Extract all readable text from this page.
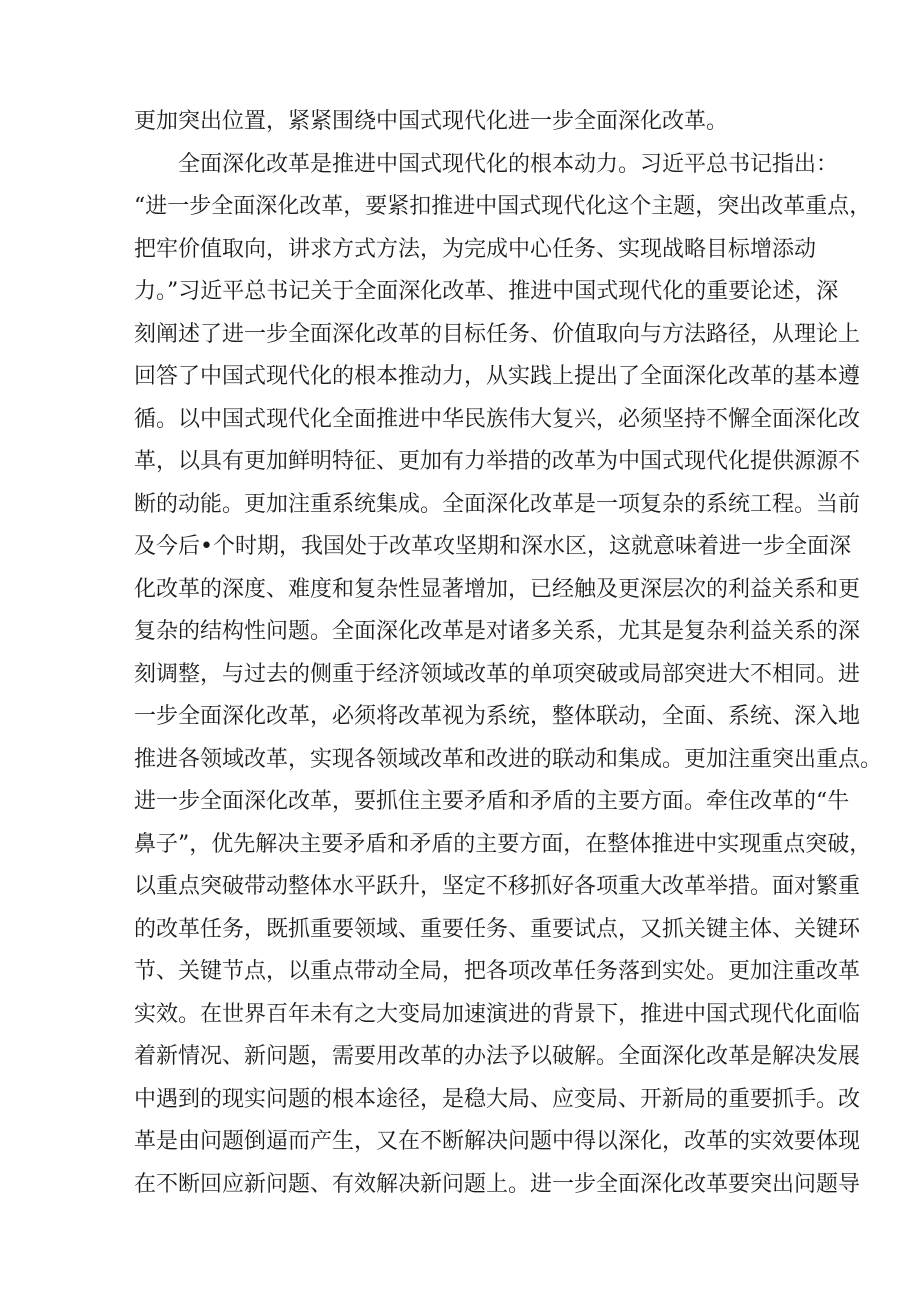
更加突出位置，紧紧围绕中国式现代化进一步全面深化改革。
全面深化改革是推进中国式现代化的根本动力。习近平总书记指出：
“进一步全面深化改革，要紧扣推进中国式现代化这个主题，突出改革重点，
把牢价值取向，讲求方式方法，为完成中心任务、实现战略目标增添动
力。”习近平总书记关于全面深化改革、推进中国式现代化的重要论述，深
刻阐述了进一步全面深化改革的目标任务、价值取向与方法路径，从理论上
回答了中国式现代化的根本推动力，从实践上提出了全面深化改革的基本遵
循。以中国式现代化全面推进中华民族伟大复兴，必须坚持不懈全面深化改
革，以具有更加鲜明特征、更加有力举措的改革为中国式现代化提供源源不
断的动能。更加注重系统集成。全面深化改革是一项复杂的系统工程。当前
及今后•个时期，我国处于改革攻坚期和深水区，这就意味着进一步全面深
化改革的深度、难度和复杂性显著增加，已经触及更深层次的利益关系和更
复杂的结构性问题。全面深化改革是对诸多关系，尤其是复杂利益关系的深
刻调整，与过去的侧重于经济领域改革的单项突破或局部突进大不相同。进
一步全面深化改革，必须将改革视为系统，整体联动，全面、系统、深入地
推进各领域改革，实现各领域改革和改进的联动和集成。更加注重突出重点。
进一步全面深化改革，要抓住主要矛盾和矛盾的主要方面。牵住改革的“牛
鼻子”，优先解决主要矛盾和矛盾的主要方面，在整体推进中实现重点突破，
以重点突破带动整体水平跃升，坚定不移抓好各项重大改革举措。面对繁重
的改革任务，既抓重要领域、重要任务、重要试点，又抓关键主体、关键环
节、关键节点，以重点带动全局，把各项改革任务落到实处。更加注重改革
实效。在世界百年未有之大变局加速演进的背景下，推进中国式现代化面临
着新情况、新问题，需要用改革的办法予以破解。全面深化改革是解决发展
中遇到的现实问题的根本途径，是稳大局、应变局、开新局的重要抓手。改
革是由问题倒逼而产生，又在不断解决问题中得以深化，改革的实效要体现
在不断回应新问题、有效解决新问题上。进一步全面深化改革要突出问题导
